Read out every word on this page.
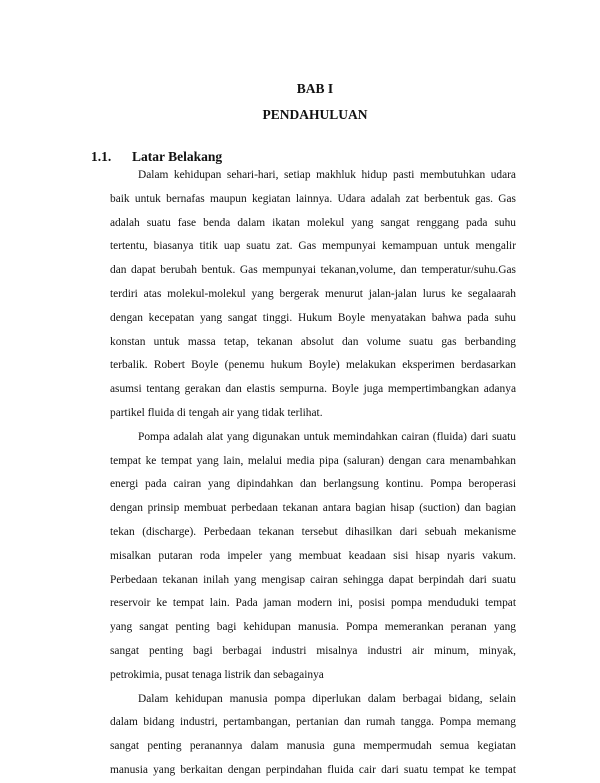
BAB I
PENDAHULUAN
1.1. Latar Belakang
Dalam kehidupan sehari-hari, setiap makhluk hidup pasti membutuhkan udara
baik untuk bernafas maupun kegiatan lainnya. Udara adalah zat berbentuk gas. Gas
adalah suatu fase benda dalam ikatan molekul yang sangat renggang pada suhu
tertentu, biasanya titik uap suatu zat. Gas mempunyai kemampuan untuk mengalir
dan dapat berubah bentuk. Gas mempunyai tekanan,volume, dan temperatur/suhu.Gas
terdiri atas molekul-molekul yang bergerak menurut jalan-jalan lurus ke segalaarah
dengan kecepatan yang sangat tinggi. Hukum Boyle menyatakan bahwa pada suhu
konstan untuk massa tetap, tekanan absolut dan volume suatu gas berbanding
terbalik. Robert Boyle (penemu hukum Boyle) melakukan eksperimen berdasarkan
asumsi tentang gerakan dan elastis sempurna. Boyle juga mempertimbangkan adanya
partikel fluida di tengah air yang tidak terlihat.
Pompa adalah alat yang digunakan untuk memindahkan cairan (fluida) dari suatu
tempat ke tempat yang lain, melalui media pipa (saluran) dengan cara menambahkan
energi pada cairan yang dipindahkan dan berlangsung kontinu. Pompa beroperasi
dengan prinsip membuat perbedaan tekanan antara bagian hisap (suction) dan bagian
tekan (discharge). Perbedaan tekanan tersebut dihasilkan dari sebuah mekanisme
misalkan putaran roda impeler yang membuat keadaan sisi hisap nyaris vakum.
Perbedaan tekanan inilah yang mengisap cairan sehingga dapat berpindah dari suatu
reservoir ke tempat lain. Pada jaman modern ini, posisi pompa menduduki tempat
yang sangat penting bagi kehidupan manusia. Pompa memerankan peranan yang
sangat penting bagi berbagai industri misalnya industri air minum, minyak,
petrokimia, pusat tenaga listrik dan sebagainya
Dalam kehidupan manusia pompa diperlukan dalam berbagai bidang, selain
dalam bidang industri, pertambangan, pertanian dan rumah tangga. Pompa memang
sangat penting peranannya dalam manusia guna mempermudah semua kegiatan
manusia yang berkaitan dengan perpindahan fluida cair dari suatu tempat ke tempat
